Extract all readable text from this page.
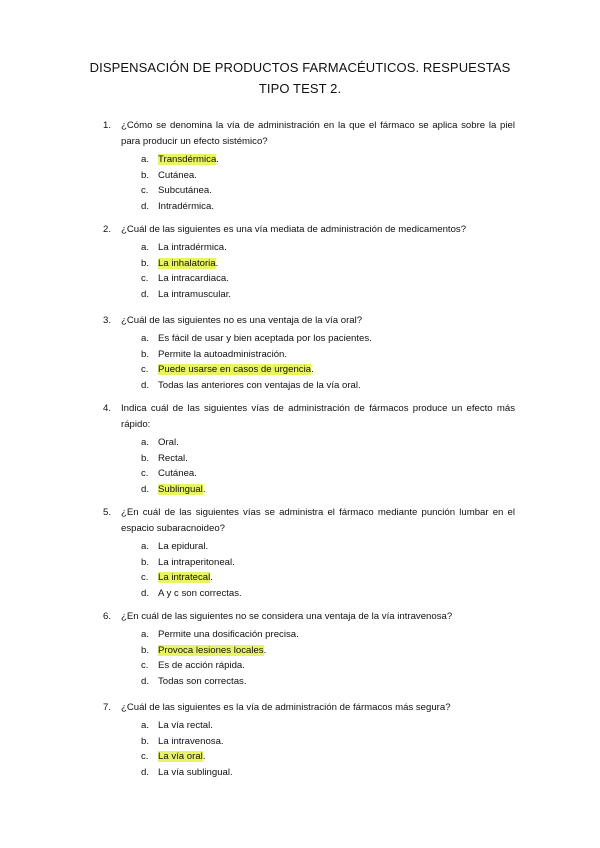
DISPENSACIÓN DE PRODUCTOS FARMACÉUTICOS. RESPUESTAS
TIPO TEST 2.
1. ¿Cómo se denomina la vía de administración en la que el fármaco se aplica sobre la piel para producir un efecto sistémico?
a. Transdérmica.
b. Cutánea.
c. Subcutánea.
d. Intradérmica.
2. ¿Cuál de las siguientes es una vía mediata de administración de medicamentos?
a. La intradérmica.
b. La inhalatoria.
c. La intracardiaca.
d. La intramuscular.
3. ¿Cuál de las siguientes no es una ventaja de la vía oral?
a. Es fácil de usar y bien aceptada por los pacientes.
b. Permite la autoadministración.
c. Puede usarse en casos de urgencia.
d. Todas las anteriores con ventajas de la vía oral.
4. Indica cuál de las siguientes vías de administración de fármacos produce un efecto más rápido:
a. Oral.
b. Rectal.
c. Cutánea.
d. Sublingual.
5. ¿En cuál de las siguientes vías se administra el fármaco mediante punción lumbar en el espacio subaracnoideo?
a. La epidural.
b. La intraperitoneal.
c. La intratecal.
d. A y c son correctas.
6. ¿En cuál de las siguientes no se considera una ventaja de la vía intravenosa?
a. Permite una dosificación precisa.
b. Provoca lesiones locales.
c. Es de acción rápida.
d. Todas son correctas.
7. ¿Cuál de las siguientes es la vía de administración de fármacos más segura?
a. La vía rectal.
b. La intravenosa.
c. La vía oral.
d. La vía sublingual.
